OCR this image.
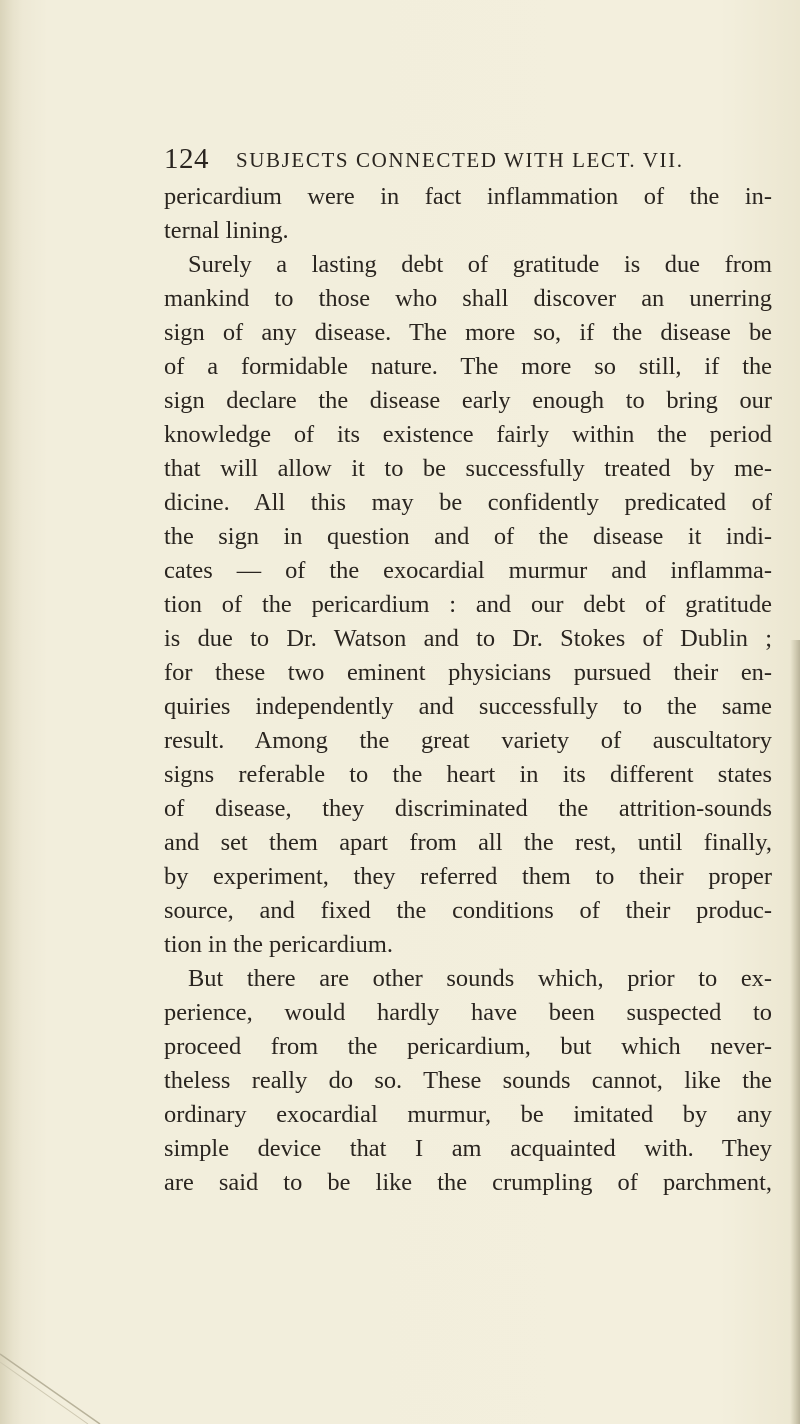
124 SUBJECTS CONNECTED WITH LECT. VII.
pericardium were in fact inflammation of the in-
ternal lining.
Surely a lasting debt of gratitude is due from
mankind to those who shall discover an unerring
sign of any disease. The more so, if the disease be
of a formidable nature. The more so still, if the
sign declare the disease early enough to bring our
knowledge of its existence fairly within the period
that will allow it to be successfully treated by me-
dicine. All this may be confidently predicated of
the sign in question and of the disease it indi-
cates — of the exocardial murmur and inflamma-
tion of the pericardium : and our debt of gratitude
is due to Dr. Watson and to Dr. Stokes of Dublin ;
for these two eminent physicians pursued their en-
quiries independently and successfully to the same
result. Among the great variety of auscultatory
signs referable to the heart in its different states
of disease, they discriminated the attrition-sounds
and set them apart from all the rest, until finally,
by experiment, they referred them to their proper
source, and fixed the conditions of their produc-
tion in the pericardium.
But there are other sounds which, prior to ex-
perience, would hardly have been suspected to
proceed from the pericardium, but which never-
theless really do so. These sounds cannot, like the
ordinary exocardial murmur, be imitated by any
simple device that I am acquainted with. They
are said to be like the crumpling of parchment,
